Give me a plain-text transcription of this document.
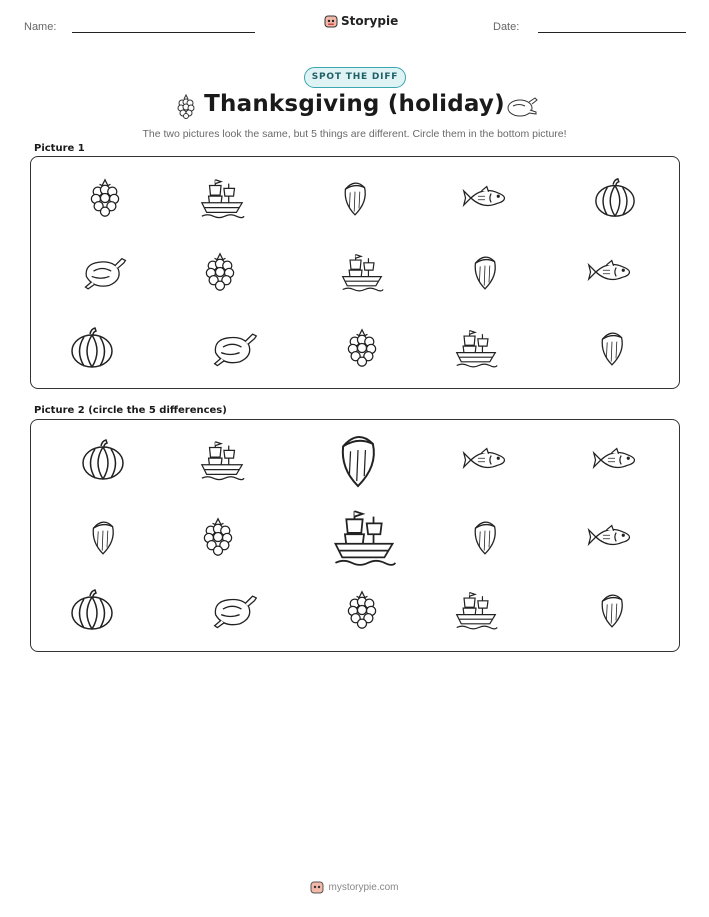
Name:	Storypie	Date:
SPOT THE DIFF
Thanksgiving (holiday)
The two pictures look the same, but 5 things are different. Circle them in the bottom picture!
Picture 1
Picture 2 (circle the 5 differences)
mystorypie.com
